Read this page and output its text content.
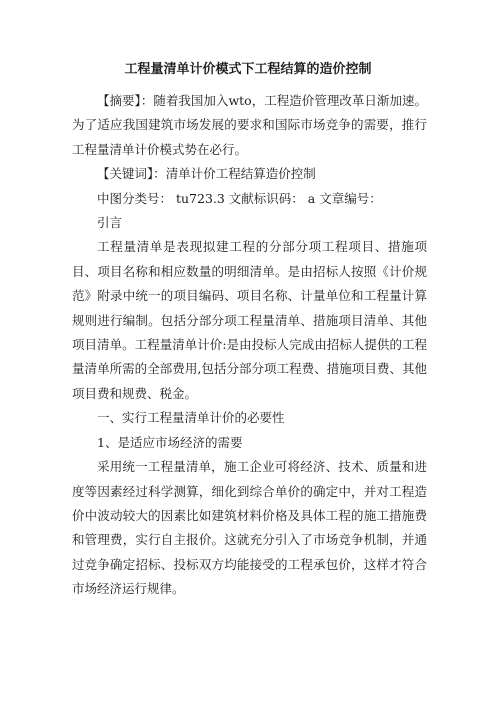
工程量清单计价模式下工程结算的造价控制

【摘要】：随着我国加入wto，工程造价管理改革日渐加速。为了适应我国建筑市场发展的要求和国际市场竞争的需要，推行工程量清单计价模式势在必行。

【关键词】：清单计价工程结算造价控制

中图分类号： tu723.3 文献标识码： a 文章编号：

引言

工程量清单是表现拟建工程的分部分项工程项目、措施项目、项目名称和相应数量的明细清单。是由招标人按照《计价规范》附录中统一的项目编码、项目名称、计量单位和工程量计算规则进行编制。包括分部分项工程量清单、措施项目清单、其他项目清单。工程量清单计价:是由投标人完成由招标人提供的工程量清单所需的全部费用,包括分部分项工程费、措施项目费、其他项目费和规费、税金。

一、实行工程量清单计价的必要性

1、是适应市场经济的需要

采用统一工程量清单，施工企业可将经济、技术、质量和进度等因素经过科学测算，细化到综合单价的确定中，并对工程造价中波动较大的因素比如建筑材料价格及具体工程的施工措施费和管理费，实行自主报价。这就充分引入了市场竞争机制，并通过竞争确定招标、投标双方均能接受的工程承包价，这样才符合市场经济运行规律。
